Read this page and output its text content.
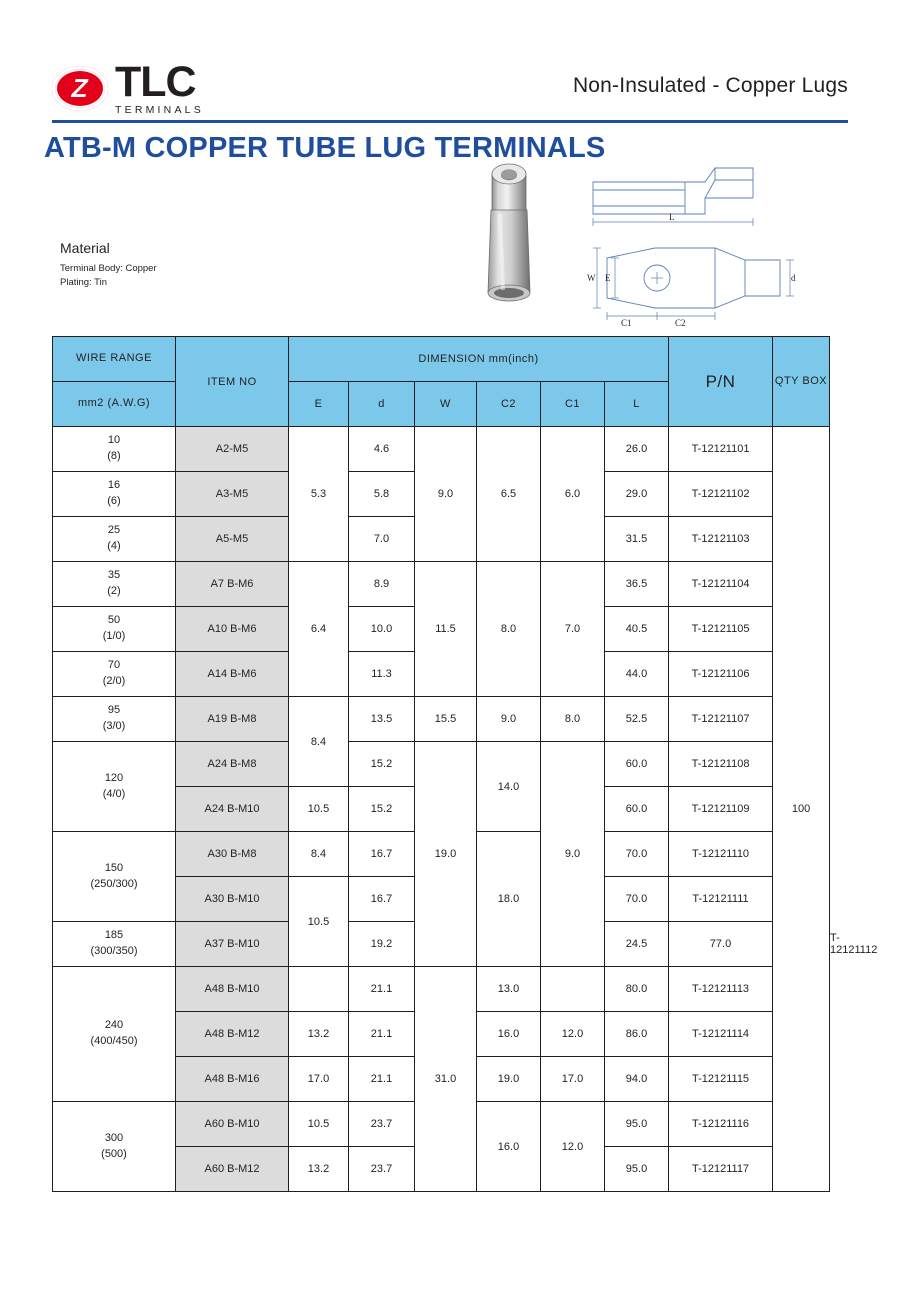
Z TLC
TERMINALS
Non-Insulated - Copper Lugs
ATB-M COPPER TUBE LUG TERMINALS
Material
Terminal Body: Copper
Plating: Tin
L
W E	d
C1	C2
WIRE RANGE	ITEM NO	DIMENSION mm(inch)						P/N	QTY BOX	
mm2 (A.W.G)		E	d	W	C2	C1	L			

10
(8)	A2-M5	5.3	4.6	9.0	6.5	6.0	26.0	T-12121101	100	

16
(6)	A3-M5		5.8				29.0	T-12121102		

25
(4)	A5-M5		7.0				31.5	T-12121103		

35
(2)	A7 B-M6	6.4	8.9	11.5	8.0	7.0	36.5	T-12121104		

50
(1/0)	A10 B-M6		10.0				40.5	T-12121105		

70
(2/0)	A14 B-M6		11.3				44.0	T-12121106		

95
(3/0)	A19 B-M8	8.4	13.5	15.5	9.0	8.0	52.5	T-12121107		

120
(4/0)	A24 B-M8		15.2	19.0	14.0	9.0	60.0	T-12121108		
	A24 B-M10	10.5	15.2				60.0	T-12121109		

150
(250/300)	A30 B-M8	8.4	16.7		18.0		70.0	T-12121110		
	A30 B-M10	10.5	16.7				70.0	T-12121111		

185
(300/350)	A37 B-M10		19.2				24.5	77.0		T-12121112

240
(400/450)	A48 B-M10		21.1	31.0	13.0		80.0	T-12121113		
	A48 B-M12	13.2	21.1		16.0	12.0	86.0	T-12121114		
	A48 B-M16	17.0	21.1		19.0	17.0	94.0	T-12121115		

300
(500)	A60 B-M10	10.5	23.7		16.0	12.0	95.0	T-12121116		
	A60 B-M12	13.2	23.7				95.0	T-12121117		
